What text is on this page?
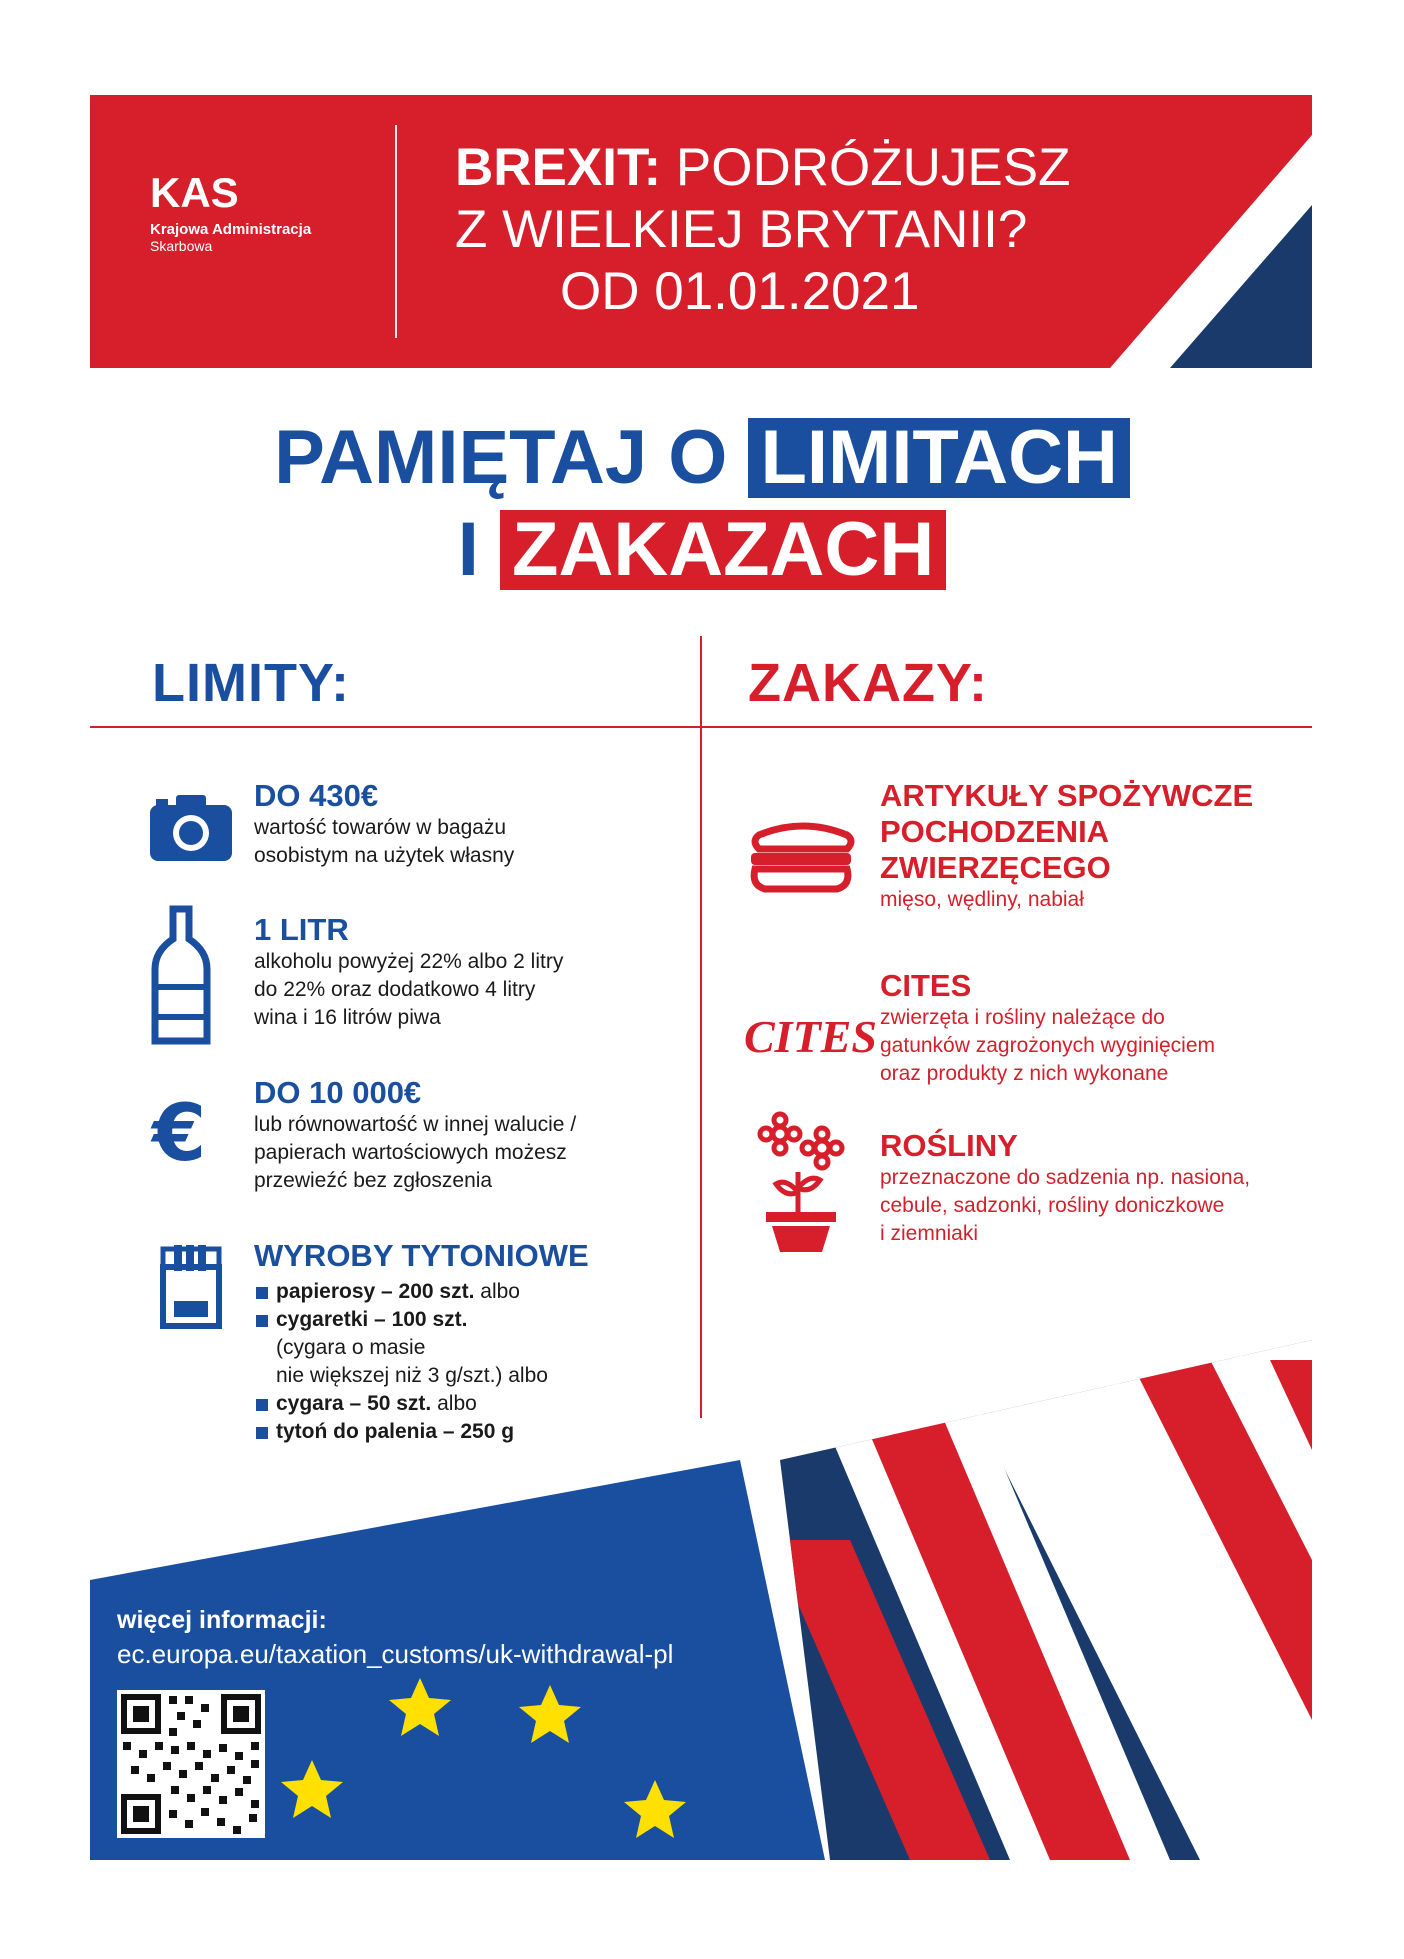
KAS
Krajowa Administracja
Skarbowa
BREXIT: PODRÓŻUJESZ
Z WIELKIEJ BRYTANII?
OD 01.01.2021
PAMIĘTAJ O LIMITACH
I ZAKAZACH
LIMITY:	ZAKAZY:
DO 430€
wartość towarów w bagażu
osobistym na użytek własny
1 LITR
alkoholu powyżej 22% albo 2 litry
do 22% oraz dodatkowo 4 litry
wina i 16 litrów piwa
€ DO 10 000€
lub równowartość w innej walucie /
papierach wartościowych możesz
przewieźć bez zgłoszenia
WYROBY TYTONIOWE
papierosy – 200 szt. albo
cygaretki – 100 szt.
(cygara o masie
nie większej niż 3 g/szt.) albo
cygara – 50 szt. albo
tytoń do palenia – 250 g
ARTYKUŁY SPOŻYWCZE
POCHODZENIA
ZWIERZĘCEGO
mięso, wędliny, nabiał
CITES
CITES
zwierzęta i rośliny należące do
gatunków zagrożonych wyginięciem
oraz produkty z nich wykonane
ROŚLINY
przeznaczone do sadzenia np. nasiona,
cebule, sadzonki, rośliny doniczkowe
i ziemniaki
więcej informacji:
ec.europa.eu/taxation_customs/uk-withdrawal-pl
